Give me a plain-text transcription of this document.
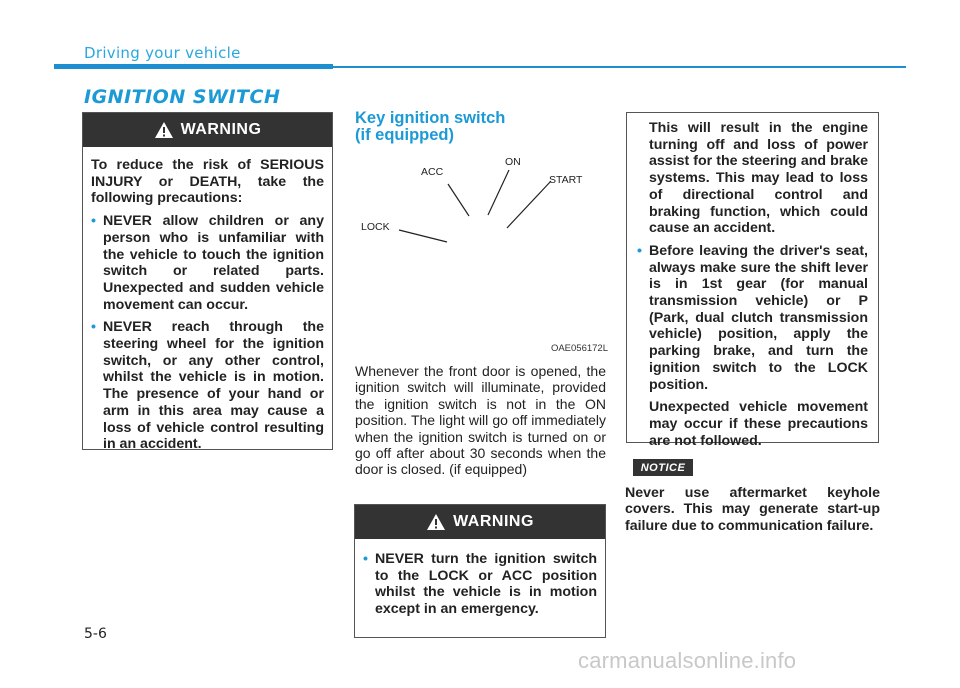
Driving your vehicle
IGNITION SWITCH
WARNING

To reduce the risk of SERIOUS INJURY or DEATH, take the following precautions:

• NEVER allow children or any person who is unfamiliar with the vehicle to touch the ignition switch or related parts. Unexpected and sudden vehicle movement can occur.
• NEVER reach through the steering wheel for the ignition switch, or any other control, whilst the vehicle is in motion. The presence of your hand or arm in this area may cause a loss of vehicle control resulting in an accident.
Key ignition switch
(if equipped)
LOCK
ACC
ON
START
OAE056172L
Whenever the front door is opened, the ignition switch will illuminate, provided the ignition switch is not in the ON position. The light will go off immediately when the ignition switch is turned on or go off after about 30 seconds when the door is closed. (if equipped)
WARNING
• NEVER turn the ignition switch to the LOCK or ACC position whilst the vehicle is in motion except in an emergency.

This will result in the engine turning off and loss of power assist for the steering and brake systems. This may lead to loss of directional control and braking function, which could cause an accident.

• Before leaving the driver's seat, always make sure the shift lever is in 1st gear (for manual transmission vehicle) or P (Park, dual clutch transmission vehicle) position, apply the parking brake, and turn the ignition switch to the LOCK position.

Unexpected vehicle movement may occur if these precautions are not followed.

NOTICE
Never use aftermarket keyhole covers. This may generate start-up failure due to communication failure.
5-6
carmanualsonline.info
